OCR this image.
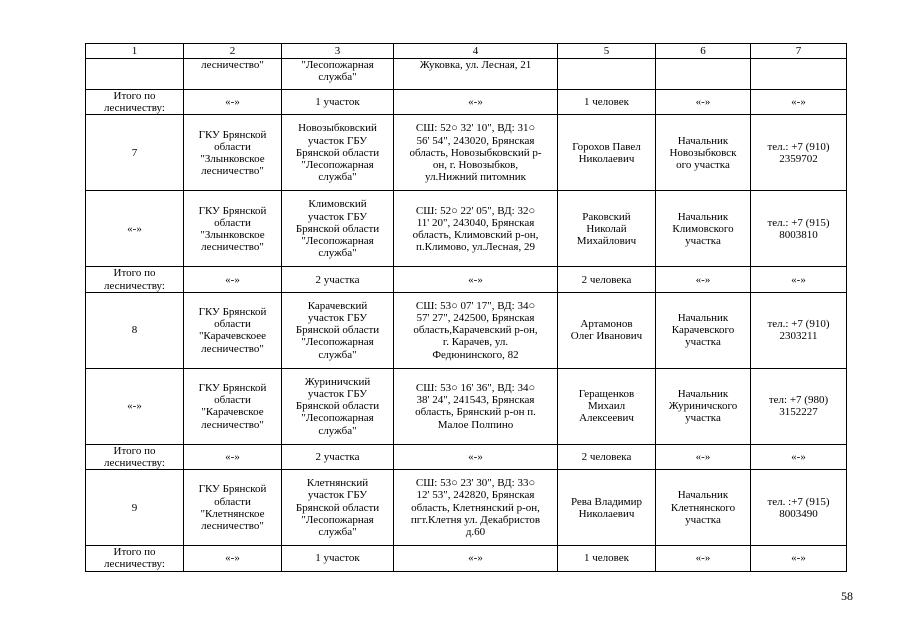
1	2	3	4	5	6	7

	лесничество"	"Лесопожарная
служба"	Жуковка, ул. Лесная, 21			

Итого по
лесничеству:	«-»	1 участок	«-»	1 человек	«-»	«-»

7	ГКУ Брянской
области
"Злынковское
лесничество"	Новозыбковский
участок ГБУ
Брянской области
"Лесопожарная
служба"	СШ: 52○ 32' 10", ВД: 31○
56' 54", 243020, Брянская
область, Новозыбковский р-
он, г. Новозыбков,
ул.Нижний питомник	Горохов Павел
Николаевич	Начальник
Новозыбковск
ого участка	тел.: +7 (910)
2359702

«-»	ГКУ Брянской
области
"Злынковское
лесничество"	Климовский
участок ГБУ
Брянской области
"Лесопожарная
служба"	СШ: 52○ 22' 05", ВД: 32○
11' 20", 243040, Брянская
область, Климовский р-он,
п.Климово, ул.Лесная, 29	Раковский
Николай
Михайлович	Начальник
Климовского
участка	тел.: +7 (915)
8003810

Итого по
лесничеству:	«-»	2 участка	«-»	2 человека	«-»	«-»

8	ГКУ Брянской
области
"Карачевскоее
лесничество"	Карачевский
участок ГБУ
Брянской области
"Лесопожарная
служба"	СШ: 53○ 07' 17", ВД: 34○
57' 27", 242500, Брянская
область,Карачевский р-он,
г. Карачев, ул.
Федюнинского, 82	Артамонов
Олег Иванович	Начальник
Карачевского
участка	тел.: +7 (910)
2303211

«-»	ГКУ Брянской
области
"Карачевское
лесничество"	Журиничский
участок ГБУ
Брянской области
"Лесопожарная
служба"	СШ: 53○ 16' 36", ВД: 34○
38' 24", 241543, Брянская
область, Брянский р-он п.
Малое Полпино	Геращенков
Михаил
Алексеевич	Начальник
Журиничского
участка	тел: +7 (980)
3152227

Итого по
лесничеству:	«-»	2 участка	«-»	2 человека	«-»	«-»

9	ГКУ Брянской
области
"Клетнянское
лесничество"	Клетнянский
участок ГБУ
Брянской области
"Лесопожарная
служба"	СШ: 53○ 23' 30", ВД: 33○
12' 53", 242820, Брянская
область, Клетнянский р-он,
пгт.Клетня ул. Декабристов
д.60	Рева Владимир
Николаевич	Начальник
Клетнянского
участка	тел. :+7 (915)
8003490

Итого по
лесничеству:	«-»	1 участок	«-»	1 человек	«-»	«-»
58
